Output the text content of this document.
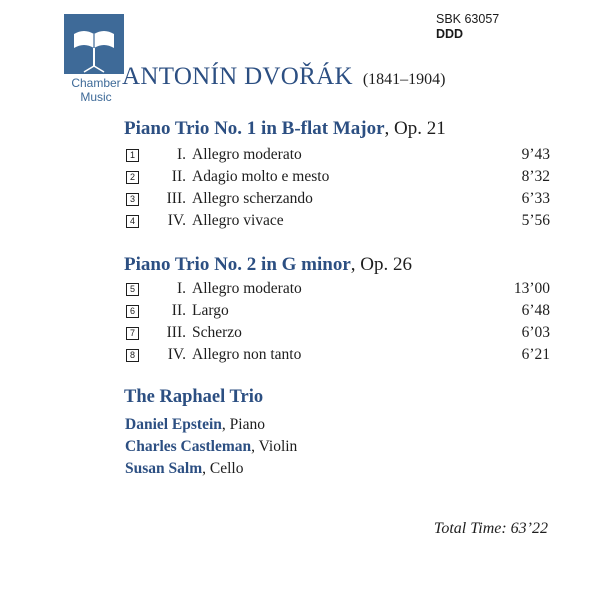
Chamber
Music
SBK 63057
DDD
ANTONÍN DVOŘÁK (1841–1904)
Piano Trio No. 1 in B-flat Major, Op. 21
1	I. Allegro moderato	9’43
2	II. Adagio molto e mesto	8’32
3	III. Allegro scherzando	6’33
4	IV. Allegro vivace	5’56
Piano Trio No. 2 in G minor, Op. 26
5	I. Allegro moderato	13’00
6	II. Largo	6’48
7	III. Scherzo	6’03
8	IV. Allegro non tanto	6’21
The Raphael Trio
Daniel Epstein, Piano
Charles Castleman, Violin
Susan Salm, Cello
Total Time: 63’22
